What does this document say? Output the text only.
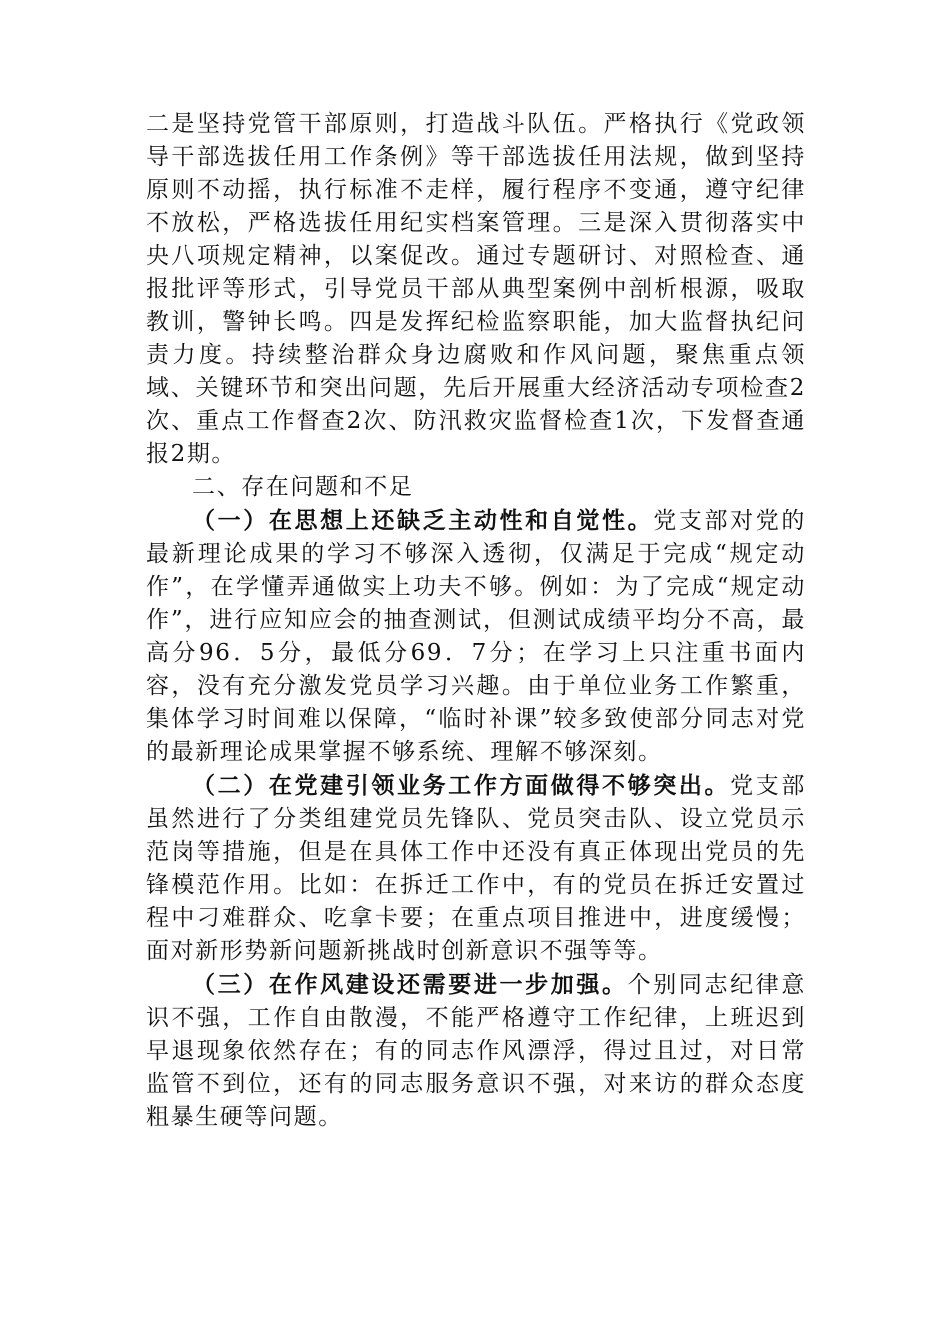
二是坚持党管干部原则，打造战斗队伍。严格执行《党政领导干部选拔任用工作条例》等干部选拔任用法规，做到坚持原则不动摇，执行标准不走样，履行程序不变通，遵守纪律不放松，严格选拔任用纪实档案管理。三是深入贯彻落实中央八项规定精神，以案促改。通过专题研讨、对照检查、通报批评等形式，引导党员干部从典型案例中剖析根源，吸取教训，警钟长鸣。四是发挥纪检监察职能，加大监督执纪问责力度。持续整治群众身边腐败和作风问题，聚焦重点领域、关键环节和突出问题，先后开展重大经济活动专项检查2次、重点工作督查2次、防汛救灾监督检查1次，下发督查通报2期。

二、存在问题和不足

（一）在思想上还缺乏主动性和自觉性。党支部对党的最新理论成果的学习不够深入透彻，仅满足于完成“规定动作”，在学懂弄通做实上功夫不够。例如：为了完成“规定动作”，进行应知应会的抽查测试，但测试成绩平均分不高，最高分96．5分，最低分69．7分；在学习上只注重书面内容，没有充分激发党员学习兴趣。由于单位业务工作繁重，集体学习时间难以保障，“临时补课”较多致使部分同志对党的最新理论成果掌握不够系统、理解不够深刻。

（二）在党建引领业务工作方面做得不够突出。党支部虽然进行了分类组建党员先锋队、党员突击队、设立党员示范岗等措施，但是在具体工作中还没有真正体现出党员的先锋模范作用。比如：在拆迁工作中，有的党员在拆迁安置过程中刁难群众、吃拿卡要；在重点项目推进中，进度缓慢；面对新形势新问题新挑战时创新意识不强等等。

（三）在作风建设还需要进一步加强。个别同志纪律意识不强，工作自由散漫，不能严格遵守工作纪律，上班迟到早退现象依然存在；有的同志作风漂浮，得过且过，对日常监管不到位，还有的同志服务意识不强，对来访的群众态度粗暴生硬等问题。
